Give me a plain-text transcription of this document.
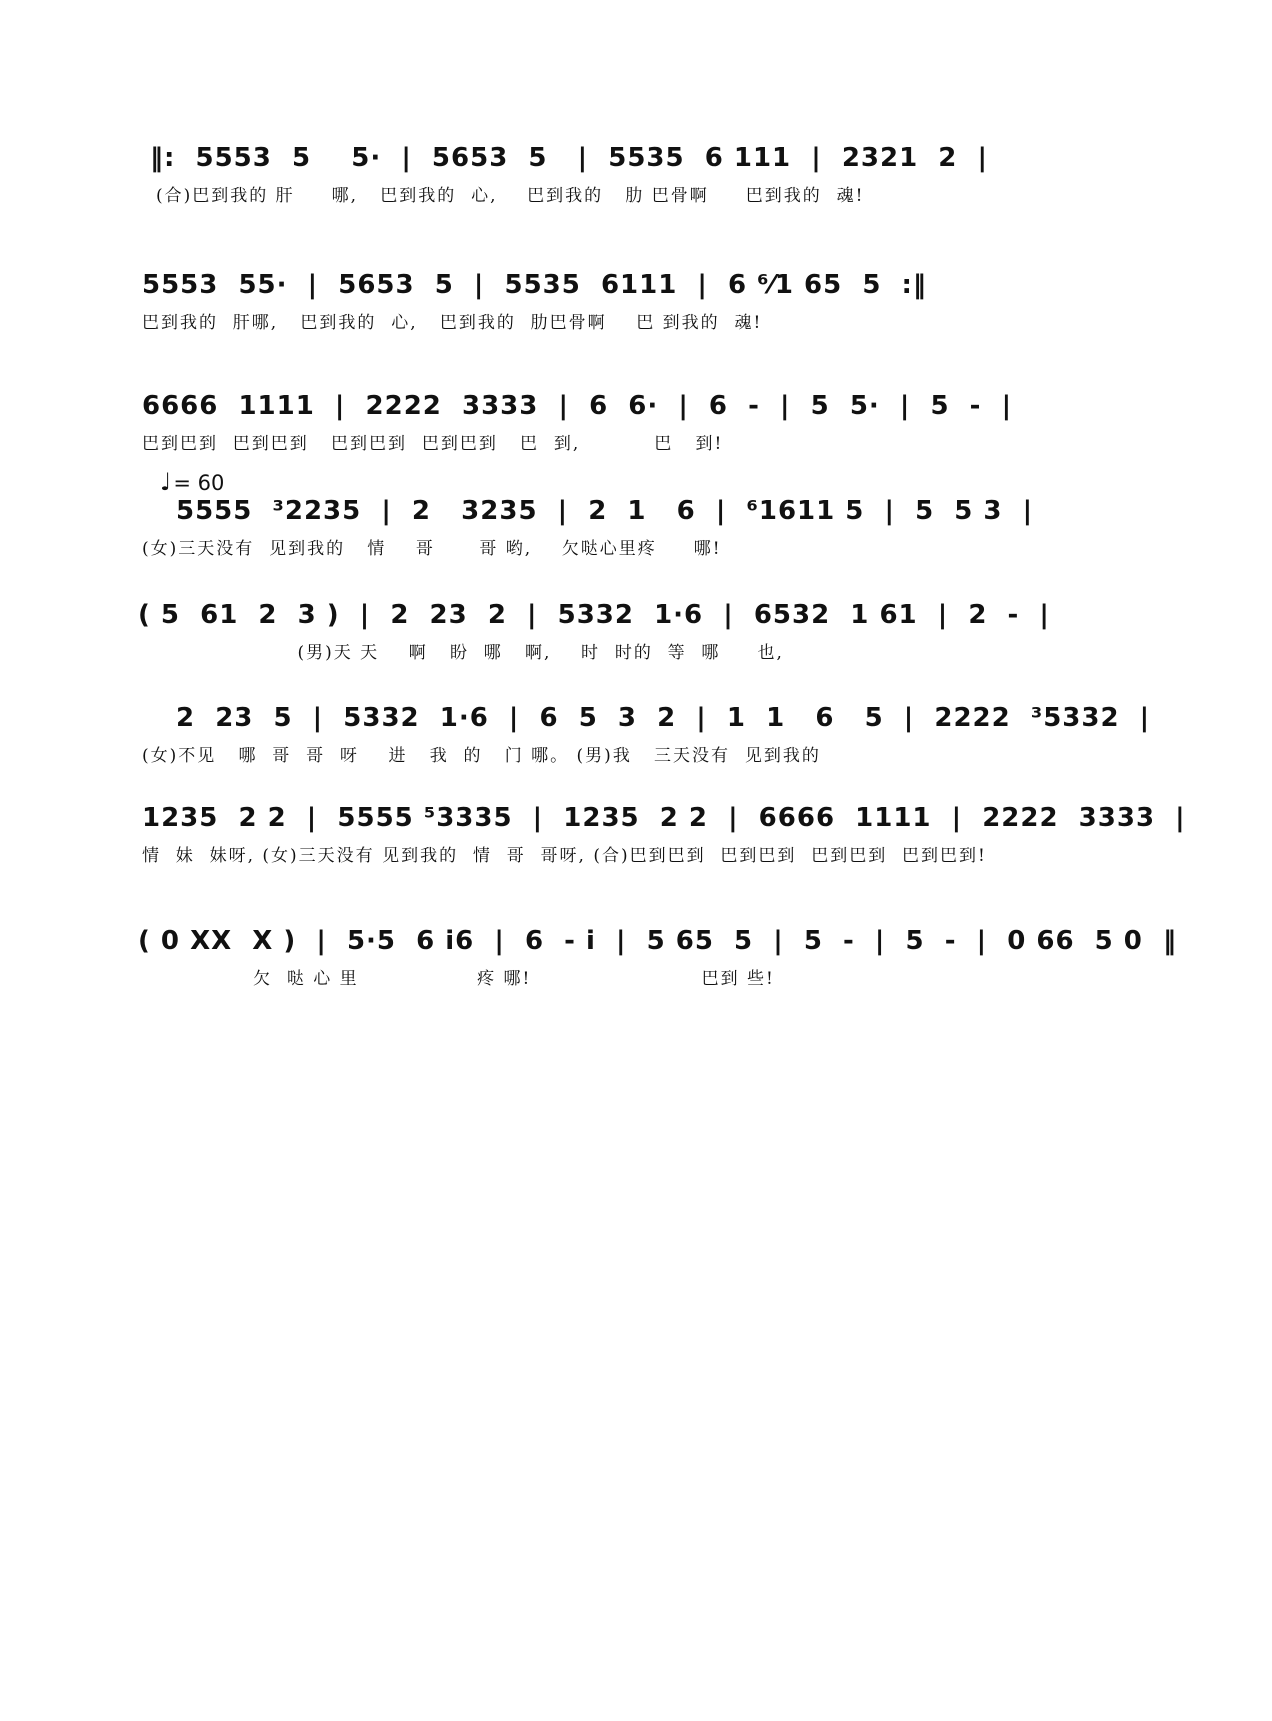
‖:  5553  5    5·  |  5653  5   |  5535  6 111  |  2321  2  |
(合)巴到我的 肝     哪,   巴到我的  心,    巴到我的   肋 巴骨啊     巴到我的  魂!
5553  55·  |  5653  5  |  5535  6111  |  6 ⁶⁄1 65  5  :‖
巴到我的  肝哪,   巴到我的  心,   巴到我的  肋巴骨啊    巴 到我的  魂!
6666  1111  |  2222  3333  |  6  6·  |  6  -  |  5  5·  |  5  -  |
巴到巴到  巴到巴到   巴到巴到  巴到巴到   巴  到,          巴   到!
♩= 60
5555  ³2235  |  2   3235  |  2  1   6  |  ⁶1611 5  |  5  5 3  |
(女)三天没有  见到我的   情    哥      哥 哟,    欠哒心里疼     哪!
( 5  61  2  3 )  |  2  23  2  |  5332  1·6  |  6532  1 61  |  2  -  |
(男)天 天    啊   盼  哪   啊,    时  时的  等  哪     也,
2  23  5  |  5332  1·6  |  6  5  3  2  |  1  1   6   5  |  2222  ³5332  |
(女)不见   哪  哥  哥  呀    进   我  的   门 哪。 (男)我   三天没有  见到我的
1235  2 2  |  5555 ⁵3335  |  1235  2 2  |  6666  1111  |  2222  3333  |
情  妹  妹呀, (女)三天没有 见到我的  情  哥  哥呀, (合)巴到巴到  巴到巴到  巴到巴到  巴到巴到!
( 0 XX  X )  |  5·5  6 i6  |  6  - i  |  5 65  5  |  5  -  |  5  -  |  0 66  5 0  ‖
欠  哒 心 里                疼 哪!                       巴到 些!
